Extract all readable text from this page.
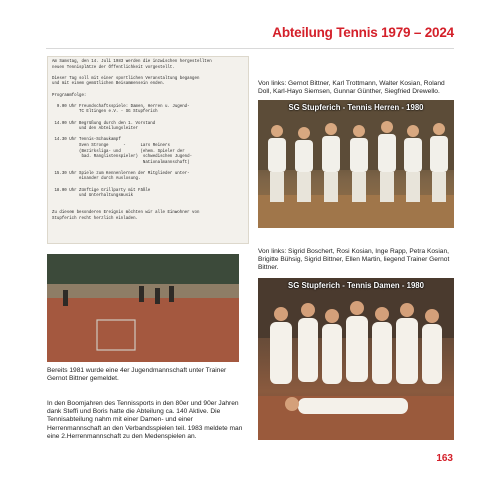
Abteilung Tennis 1979 – 2024
Am Samstag, den 14. Juli 1983 werden die inzwischen hergestellten
neuen Tennisplätze der Öffentlichkeit vorgestellt.
Dieser Tag soll mit einer sportlichen Veranstaltung begangen
und mit einem gemütlichen Beisammensein enden.
Programmfolge:
9.00 Uhr Freundschaftsspiele: Damen, Herren u. Jugend-
TC Eltingen e.V. - SG Stupferich
14.00 Uhr Begrüßung durch den 1. Vorstand
und den Abteilungsleiter
14.30 Uhr Tennis-Schaukampf
Sven Stronge      -      Lars Reiners
(Bezirksliga- und        (ehem. Spieler der
bad. Ranglistenspieler)  schwedischen Jugend-
Nationalmannschaft)
15.30 Uhr Spiele zum Kennenlernen der Mitglieder unter-
einander durch Auslosung.
18.00 Uhr Zünftige Grillparty mit Fäßle
und Unterhaltungsmusik
Zu diesem besonderen Ereignis möchten wir alle Einwohner von
Stupferich recht herzlich einladen.
Von links: Gernot Bittner, Karl Trottmann, Walter Kosian, Roland Doll, Karl-Hayo Siemsen, Gunnar Günther, Siegfried Drewello.
SG Stupferich - Tennis Herren - 1980
Von links: Sigrid Boschert, Rosi Kosian, Inge Rapp, Petra Kosian, Brigitte Bühsig, Sigrid Bittner, Ellen Martin, liegend Trainer Gernot Bittner.
SG Stupferich - Tennis Damen - 1980
Bereits 1981 wurde eine 4er Jugendmannschaft unter Trainer Gernot Bittner gemeldet.
In den Boomjahren des Tennissports in den 80er und 90er Jahren dank Steffi und Boris hatte die Abteilung ca. 140 Aktive. Die Tennisabteilung nahm mit einer Damen- und einer Herrenmannschaft an den Verbandsspielen teil. 1983 meldete man eine 2.Herrenmannschaft zu den Medenspielen an.
163
